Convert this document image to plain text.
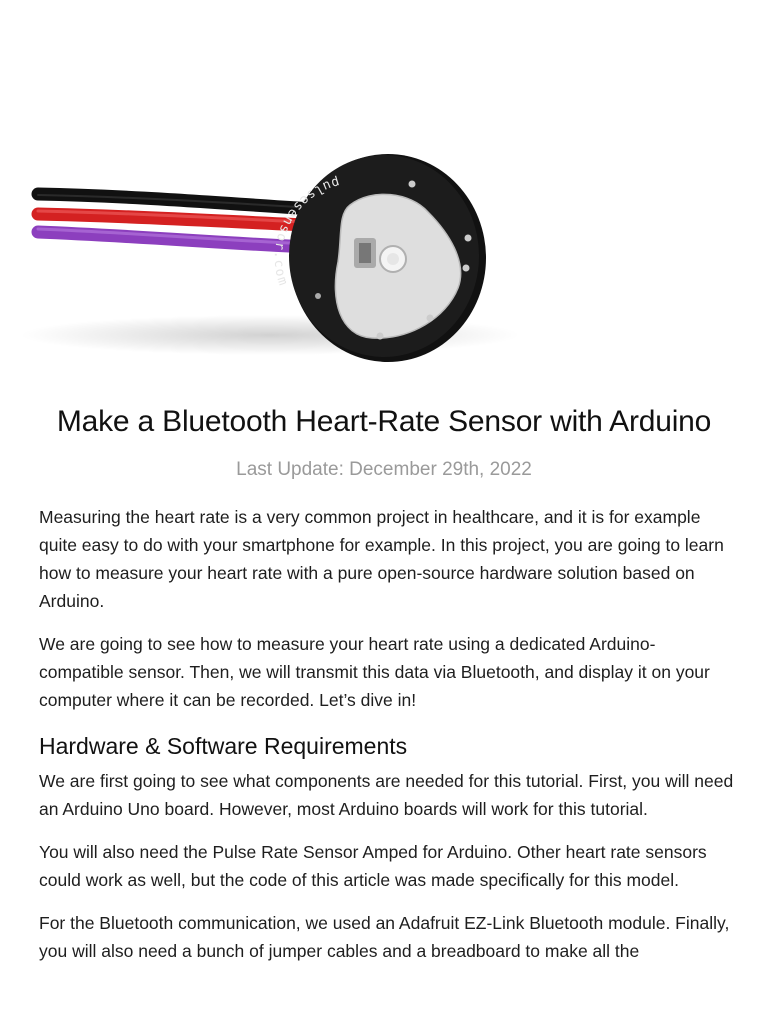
pulsesensor.com
Make a Bluetooth Heart-Rate Sensor with Arduino
Last Update: December 29th, 2022

Measuring the heart rate is a very common project in healthcare, and it is for example quite easy to do with your smartphone for example. In this project, you are going to learn how to measure your heart rate with a pure open-source hardware solution based on Arduino.

We are going to see how to measure your heart rate using a dedicated Arduino-compatible sensor. Then, we will transmit this data via Bluetooth, and display it on your computer where it can be recorded. Let’s dive in!

Hardware & Software Requirements

We are first going to see what components are needed for this tutorial. First, you will need an Arduino Uno board. However, most Arduino boards will work for this tutorial.

You will also need the Pulse Rate Sensor Amped for Arduino. Other heart rate sensors could work as well, but the code of this article was made specifically for this model.

For the Bluetooth communication, we used an Adafruit EZ-Link Bluetooth module. Finally, you will also need a bunch of jumper cables and a breadboard to make all the
